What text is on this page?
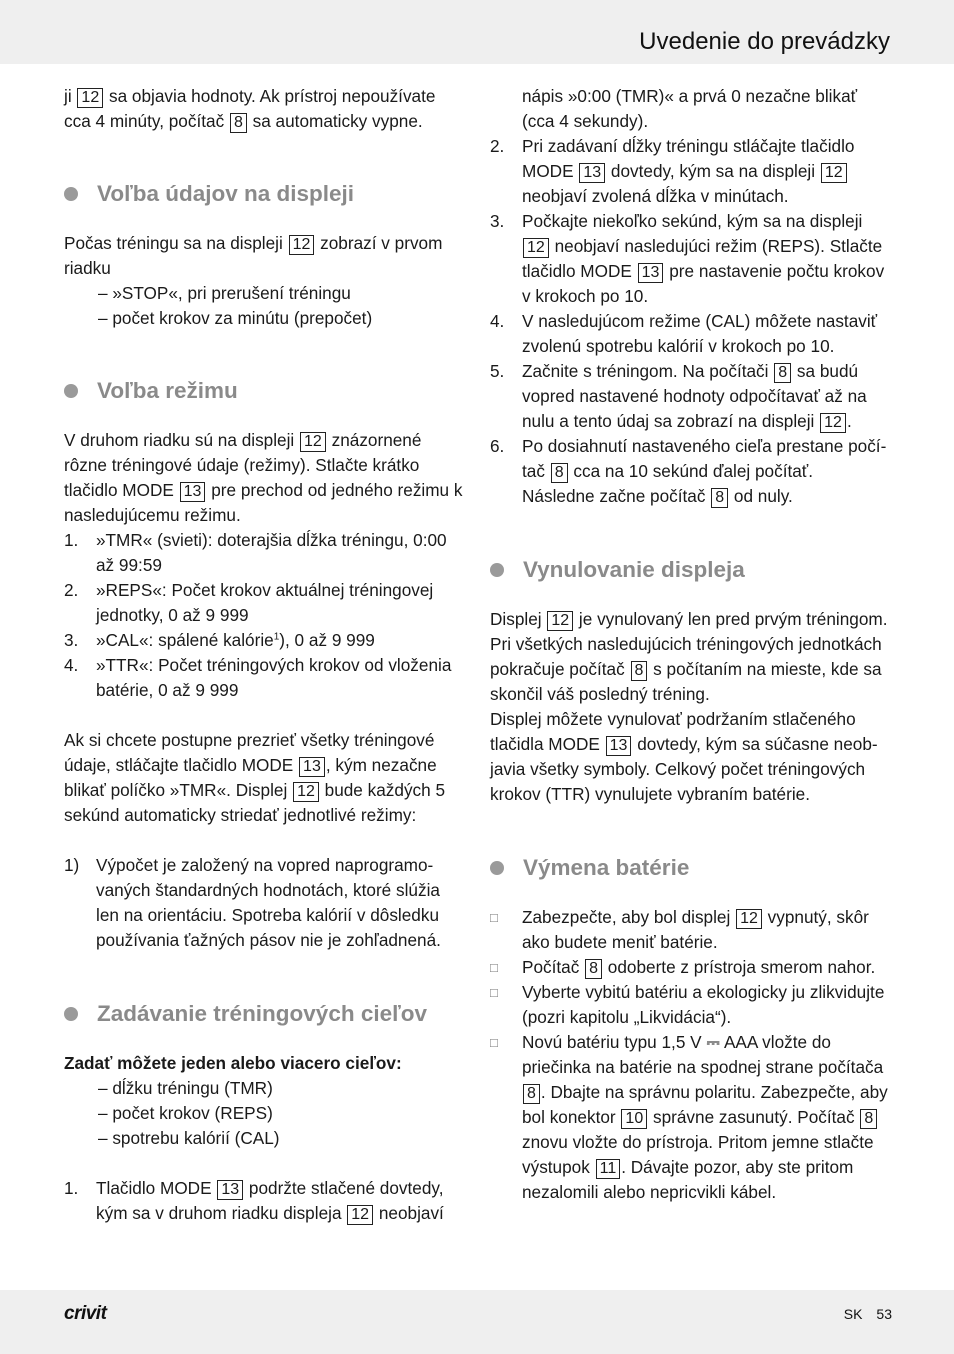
Uvedenie do prevádzky

ji 12 sa objavia hodnoty. Ak prístroj nepoužívate cca 4 minúty, počítač 8 sa automaticky vypne.

Voľba údajov na displeji

Počas tréningu sa na displeji 12 zobrazí v prvom riadku

– »STOP«, pri prerušení tréningu

– počet krokov za minútu (prepočet)

Voľba režimu

V druhom riadku sú na displeji 12 znázornené rôzne tréningové údaje (režimy). Stlačte krátko tlačidlo MODE 13 pre prechod od jedného režimu k nasledujúcemu režimu.

1.	»TMR« (svieti): doterajšia dĺžka tréningu, 0:00 až 99:59
2.	»REPS«: Počet krokov aktuálnej tréningovej jednotky, 0 až 9 999
3.	»CAL«: spálené kalórie$^1$), 0 až 9 999
4.	»TTR«: Počet tréningových krokov od vloženia batérie, 0 až 9 999

Ak si chcete postupne prezrieť všetky tréningové údaje, stláčajte tlačidlo MODE 13 , kým nezačne blikať políčko »TMR«. Displej 12 bude každých 5 sekúnd automaticky striedať jednotlivé režimy:

1) Výpočet je založený na vopred naprogramovaných štandardných hodnotách, ktoré slúžia len na orientáciu. Spotreba kalórií v dôsledku používania ťažných pásov nie je zohľadnená.
Zadávanie tréningových cieľov

Zadať môžete jeden alebo viacero cieľov:

– dĺžku tréningu (TMR)

– počet krokov (REPS)

– spotrebu kalórií (CAL)

1.	Tlačidlo MODE 13 podržte stlačené dovtedy, kým sa v druhom riadku displeja 12 neobjaví
nápis »0:00 (TMR)« a prvá 0 nezačne blikať (cca 4 sekundy).
2.	Pri zadávaní dĺžky tréningu stláčajte tlačidlo MODE 13 dovtedy, kým sa na displeji 12 neobjaví zvolená dĺžka v minútach.
3.	Počkajte niekoľko sekúnd, kým sa na displeji 12 neobjaví nasledujúci režim (REPS). Stlačte tlačidlo MODE 13 pre nastavenie počtu krokov v krokoch po 10.
4.	V nasledujúcom režime (CAL) môžete nastaviť zvolenú spotrebu kalórií v krokoch po 10.
5.	Začnite s tréningom. Na počítači 8 sa budú vopred nastavené hodnoty odpočítavať až na nulu a tento údaj sa zobrazí na displeji 12 .
6.	Po dosiahnutí nastaveného cieľa prestane počítač 8 cca na 10 sekúnd ďalej počítať. Následne začne počítač 8 od nuly.
Vynulovanie displeja

Displej 12 je vynulovaný len pred prvým tréningom. Pri všetkých nasledujúcich tréningových jednotkách pokračuje počítač 8 s počítaním na mieste, kde sa skončil váš posledný tréning.

Displej môžete vynulovať podržaním stlačeného tlačidla MODE 13 dovtedy, kým sa súčasne neobjavia všetky symboly. Celkový počet tréningových krokov (TTR) vynulujete vybraním batérie.

Výmena batérie
□	Zabezpečte, aby bol displej 12 vypnutý, skôr ako budete meniť batérie.
□	Počítač 8 odoberte z prístroja smerom nahor.
□	Vyberte vybitú batériu a ekologicky ju zlikvidujte (pozri kapitolu „Likvidácia“).
□	Novú batériu typu 1,5 V ⎓ AAA vložte do priečinka na batérie na spodnej strane počítača 8 . Dbajte na správnu polaritu. Zabezpečte, aby bol konektor 10 správne zasunutý. Počítač 8 znovu vložte do prístroja. Pritom jemne stlačte výstupok 11 . Dávajte pozor, aby ste pritom nezalomili alebo nepricvikli kábel.
crivit	SK 53
